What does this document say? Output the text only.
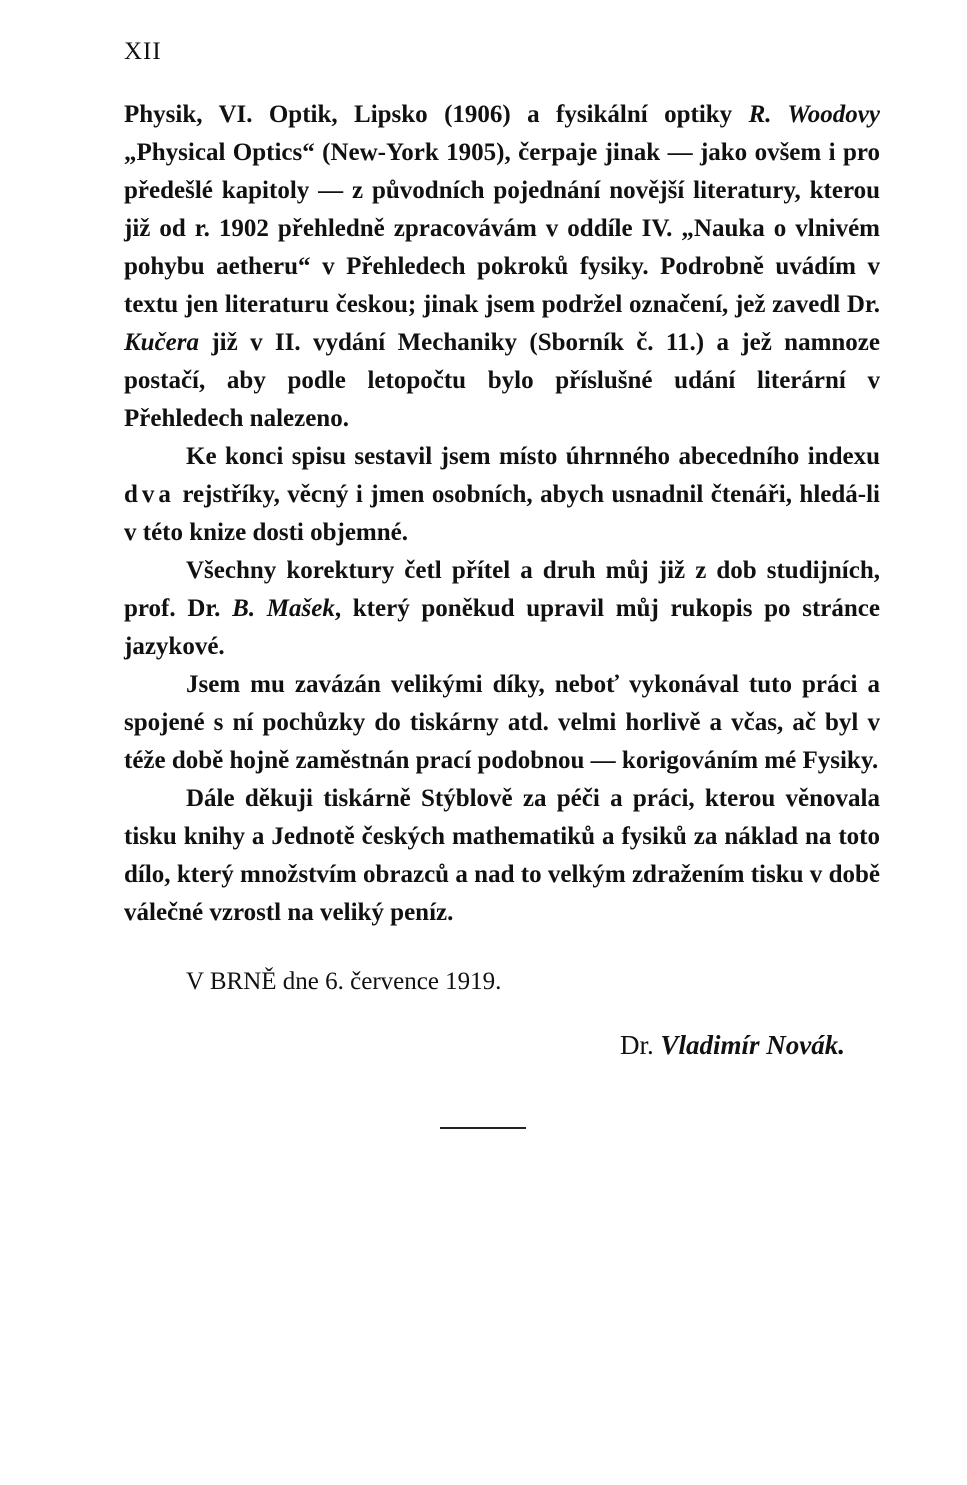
XII

Physik, VI. Optik, Lipsko (1906) a fysikální optiky R. Woodovy „Physical Optics“ (New-York 1905), čerpaje jinak — jako ovšem i pro předešlé kapitoly — z původních pojednání novější literatury, kterou již od r. 1902 přehledně zpracovávám v oddíle IV. „Nauka o vlnivém pohybu aetheru“ v Přehledech pokroků fysiky. Podrobně uvádím v textu jen literaturu českou; jinak jsem podržel označení, jež zavedl Dr. Kučera již v II. vydání Mechaniky (Sborník č. 11.) a jež namnoze postačí, aby podle letopočtu bylo příslušné udání literární v Přehledech nalezeno.

Ke konci spisu sestavil jsem místo úhrnného abecedního indexu dva rejstříky, věcný i jmen osobních, abych usnadnil čtenáři, hledá-li v této knize dosti objemné.

Všechny korektury četl přítel a druh můj již z dob studijních, prof. Dr. B. Mašek, který poněkud upravil můj rukopis po stránce jazykové.

Jsem mu zavázán velikými díky, neboť vykonával tuto práci a spojené s ní pochůzky do tiskárny atd. velmi horlivě a včas, ač byl v téže době hojně zaměstnán prací podobnou — korigováním mé Fysiky.

Dále děkuji tiskárně Stýblově za péči a práci, kterou věnovala tisku knihy a Jednotě českých mathematiků a fysiků za náklad na toto dílo, který množstvím obrazců a nad to velkým zdražením tisku v době válečné vzrostl na veliký peníz.

V BRNĚ dne 6. července 1919.
Dr. Vladimír Novák.
